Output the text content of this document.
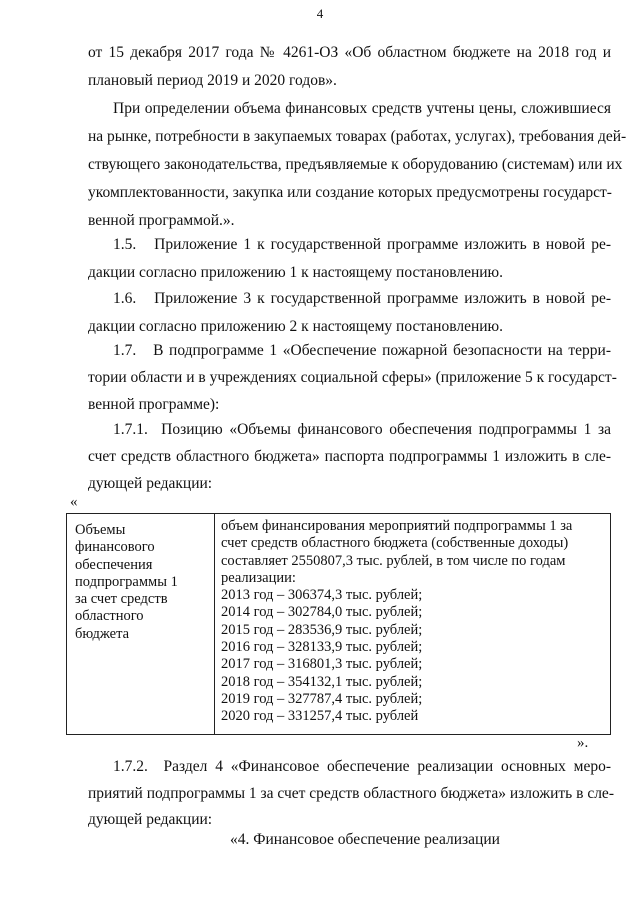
4
от 15 декабря 2017 года № 4261-ОЗ «Об областном бюджете на 2018 год и
плановый период 2019 и 2020 годов».
При определении объема финансовых средств учтены цены, сложившиеся
на рынке, потребности в закупаемых товарах (работах, услугах), требования дей-
ствующего законодательства, предъявляемые к оборудованию (системам) или их
укомплектованности, закупка или создание которых предусмотрены государст-
венной программой.».
1.5.   Приложение 1 к государственной программе изложить в новой ре-
дакции согласно приложению 1 к настоящему постановлению.
1.6.   Приложение 3 к государственной программе изложить в новой ре-
дакции согласно приложению 2 к настоящему постановлению.
1.7.   В подпрограмме 1 «Обеспечение пожарной безопасности на терри-
тории области и в учреждениях социальной сферы» (приложение 5 к государст-
венной программе):
1.7.1.  Позицию «Объемы финансового обеспечения подпрограммы 1 за
счет средств областного бюджета» паспорта подпрограммы 1 изложить в сле-
дующей редакции:
«
Объемы
финансового
обеспечения
подпрограммы 1
за счет средств
областного
бюджета
объем финансирования мероприятий подпрограммы 1 за
счет средств областного бюджета (собственные доходы)
составляет 2550807,3 тыс. рублей, в том числе по годам
реализации:
2013 год – 306374,3 тыс. рублей;
2014 год – 302784,0 тыс. рублей;
2015 год – 283536,9 тыс. рублей;
2016 год – 328133,9 тыс. рублей;
2017 год – 316801,3 тыс. рублей;
2018 год – 354132,1 тыс. рублей;
2019 год – 327787,4 тыс. рублей;
2020 год – 331257,4 тыс. рублей
».
1.7.2.  Раздел 4 «Финансовое обеспечение реализации основных меро-
приятий подпрограммы 1 за счет средств областного бюджета» изложить в сле-
дующей редакции:
«4. Финансовое обеспечение реализации
